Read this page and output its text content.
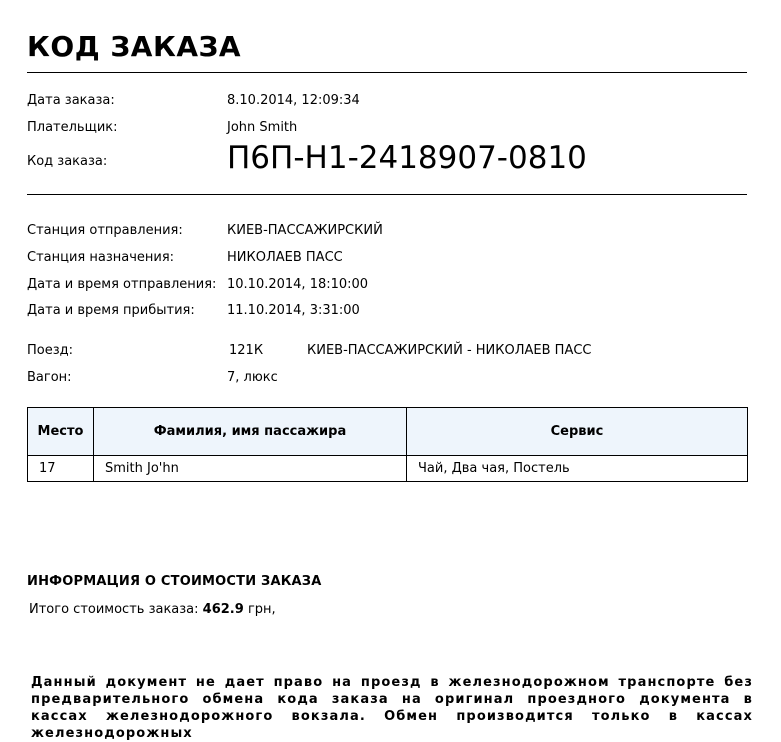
КОД ЗАКАЗА
Дата заказа:	8.10.2014, 12:09:34
Плательщик:	John Smith
Код заказа:	П6П-Н1-2418907-0810
Станция отправления:	КИЕВ-ПАССАЖИРСКИЙ
Станция назначения:	НИКОЛАЕВ ПАСС
Дата и время отправления: 10.10.2014, 18:10:00
Дата и время прибытия: 11.10.2014, 3:31:00
Поезд:	121К	КИЕВ-ПАССАЖИРСКИЙ - НИКОЛАЕВ ПАСС
Вагон:	7, люкс
Место	Фамилия, имя пассажира	Сервис
17	Smith Jo'hn	Чай, Два чая, Постель
ИНФОРМАЦИЯ О СТОИМОСТИ ЗАКАЗА
Итого стоимость заказа: 462.9 грн,
Данный документ не дает право на проезд в железнодорожном транспорте без предварительного обмена кода заказа на оригинал проездного документа в кассах железнодорожного вокзала. Обмен производится только в кассах железнодорожных
